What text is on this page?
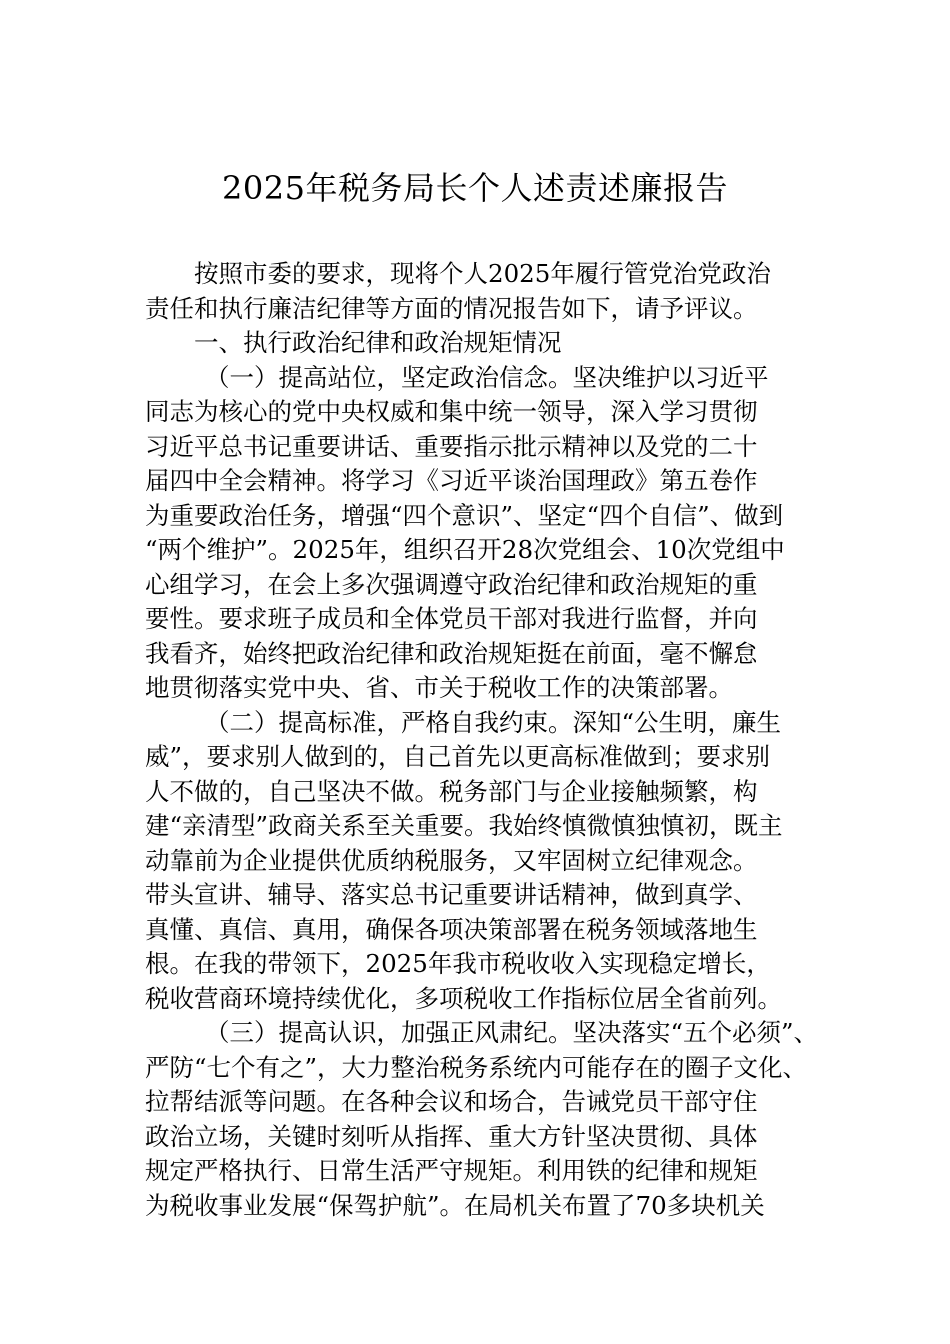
2025年税务局长个人述责述廉报告
按照市委的要求，现将个人2025年履行管党治党政治
责任和执行廉洁纪律等方面的情况报告如下，请予评议。
一、执行政治纪律和政治规矩情况
（一）提高站位，坚定政治信念。坚决维护以习近平
同志为核心的党中央权威和集中统一领导，深入学习贯彻
习近平总书记重要讲话、重要指示批示精神以及党的二十
届四中全会精神。将学习《习近平谈治国理政》第五卷作
为重要政治任务，增强“四个意识”、坚定“四个自信”、做到
“两个维护”。2025年，组织召开28次党组会、10次党组中
心组学习，在会上多次强调遵守政治纪律和政治规矩的重
要性。要求班子成员和全体党员干部对我进行监督，并向
我看齐，始终把政治纪律和政治规矩挺在前面，毫不懈怠
地贯彻落实党中央、省、市关于税收工作的决策部署。
（二）提高标准，严格自我约束。深知“公生明，廉生
威”，要求别人做到的，自己首先以更高标准做到；要求别
人不做的，自己坚决不做。税务部门与企业接触频繁，构
建“亲清型”政商关系至关重要。我始终慎微慎独慎初，既主
动靠前为企业提供优质纳税服务，又牢固树立纪律观念。
带头宣讲、辅导、落实总书记重要讲话精神，做到真学、
真懂、真信、真用，确保各项决策部署在税务领域落地生
根。在我的带领下，2025年我市税收收入实现稳定增长，
税收营商环境持续优化，多项税收工作指标位居全省前列。
（三）提高认识，加强正风肃纪。坚决落实“五个必须”、
严防“七个有之”，大力整治税务系统内可能存在的圈子文化、
拉帮结派等问题。在各种会议和场合，告诫党员干部守住
政治立场，关键时刻听从指挥、重大方针坚决贯彻、具体
规定严格执行、日常生活严守规矩。利用铁的纪律和规矩
为税收事业发展“保驾护航”。在局机关布置了70多块机关
